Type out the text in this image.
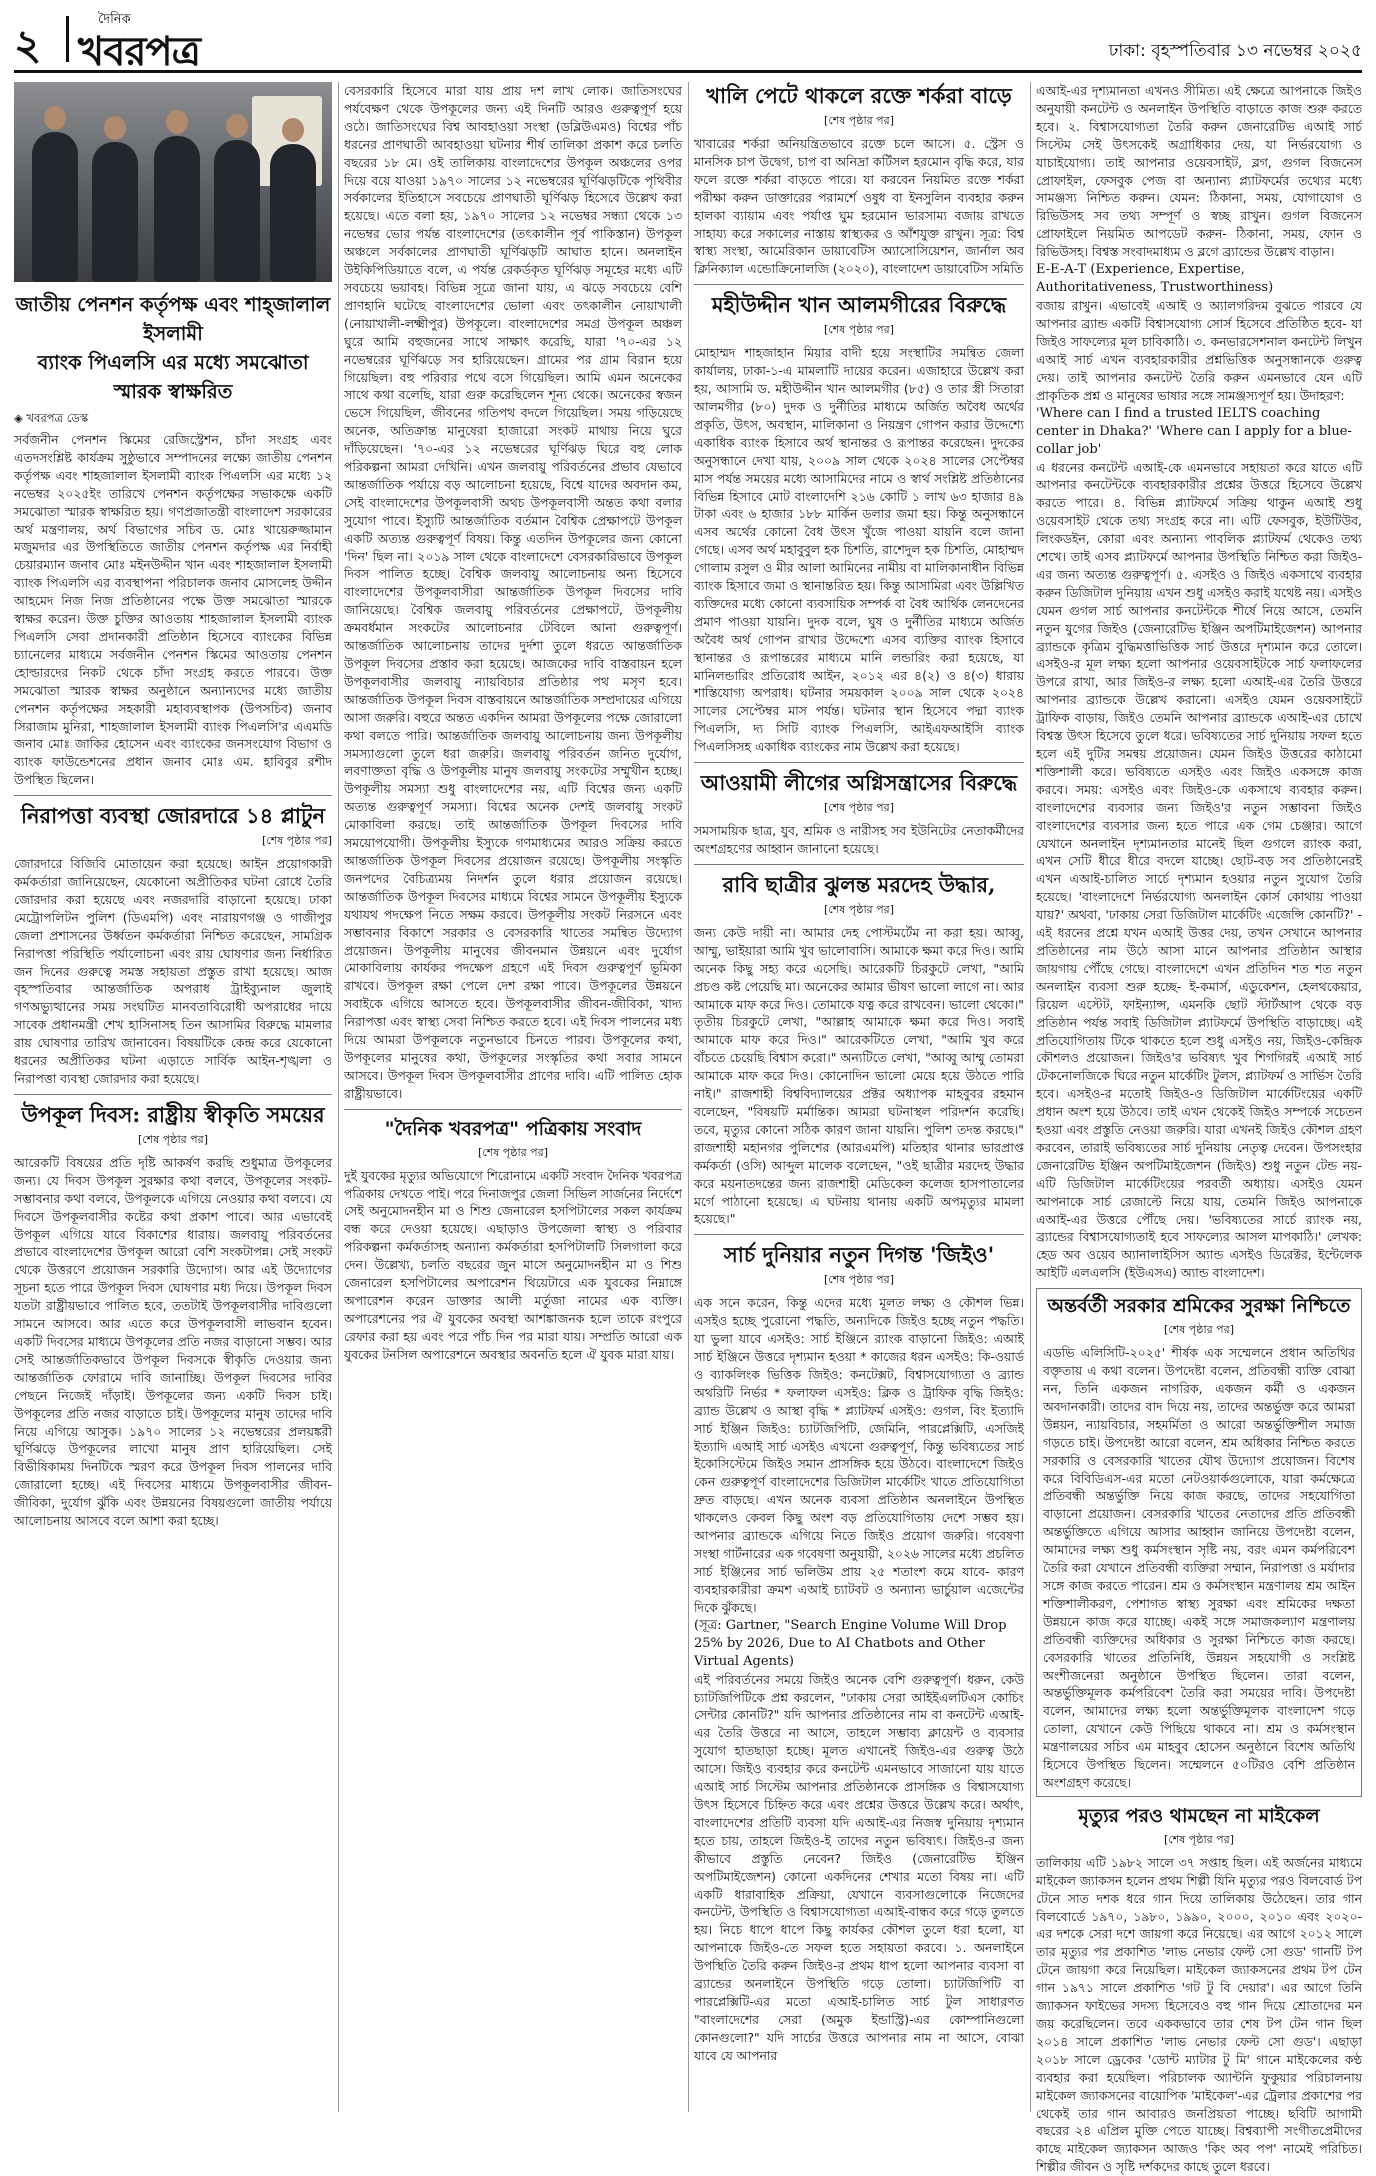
২
দৈনিক
খবরপত্র	ঢাকা: বৃহস্পতিবার ১৩ নভেম্বর ২০২৫
জাতীয় পেনশন কর্তৃপক্ষ এবং শাহ্জালাল ইসলামী
ব্যাংক পিএলসি এর মধ্যে সমঝোতা স্মারক স্বাক্ষরিত
◈ খবরপত্র ডেস্ক
সর্বজনীন পেনশন স্কিমের রেজিস্ট্রেশন, চাঁদা সংগ্রহ এবং এতদসংশ্লিষ্ট কার্যক্রম সুষ্ঠুভাবে সম্পাদনের লক্ষ্যে জাতীয় পেনশন কর্তৃপক্ষ এবং শাহজালাল ইসলামী ব্যাংক পিএলসি এর মধ্যে ১২ নভেম্বর ২০২৫ইং তারিখে পেনশন কর্তৃপক্ষের সভাকক্ষে একটি সমঝোতা স্মারক স্বাক্ষরিত হয়। গণপ্রজাতন্ত্রী বাংলাদেশ সরকারের অর্থ মন্ত্রণালয়, অর্থ বিভাগের সচিব ড. মোঃ খায়েরুজ্জামান মজুমদার এর উপস্থিতিতে জাতীয় পেনশন কর্তৃপক্ষ এর নির্বাহী চেয়ারম্যান জনাব মোঃ মইনউদ্দীন খান এবং শাহজালাল ইসলামী ব্যাংক পিএলসি এর ব্যবস্থাপনা পরিচালক জনাব মোসলেহ উদ্দীন আহমেদ নিজ নিজ প্রতিষ্ঠানের পক্ষে উক্ত সমঝোতা স্মারকে স্বাক্ষর করেন। উক্ত চুক্তির আওতায় শাহজালাল ইসলামী ব্যাংক পিএলসি সেবা প্রদানকারী প্রতিষ্ঠান হিসেবে ব্যাংকের বিভিন্ন চ্যানেলের মাধ্যমে সর্বজনীন পেনশন স্কিমের আওতায় পেনশন হোল্ডারদের নিকট থেকে চাঁদা সংগ্রহ করতে পারবে। উক্ত সমঝোতা স্মারক স্বাক্ষর অনুষ্ঠানে অন্যান্যদের মধ্যে জাতীয় পেনশন কর্তৃপক্ষের সহকারী মহাব্যবস্থাপক (উপসচিব) জনাব সিরাজাম মুনিরা, শাহজালাল ইসলামী ব্যাংক পিএলসি'র এএমডি জনাব মোঃ জাকির হোসেন এবং ব্যাংকের জনসংযোগ বিভাগ ও ব্যাংক ফাউন্ডেশনের প্রধান জনাব মোঃ এম. হাবিবুর রশীদ উপস্থিত ছিলেন।
নিরাপত্তা ব্যবস্থা জোরদারে ১৪ প্লাটুন
[শেষ পৃষ্ঠার পর]
জোরদারে বিজিবি মোতায়েন করা হয়েছে। আইন প্রয়োগকারী কর্মকর্তারা জানিয়েছেন, যেকোনো অপ্রীতিকর ঘটনা রোধে তৈরি জোরদার করা হয়েছে এবং নজরদারি বাড়ানো হয়েছে। ঢাকা মেট্রোপলিটন পুলিশ (ডিএমপি) এবং নারায়ণগঞ্জ ও গাজীপুর জেলা প্রশাসনের উর্ধ্বতন কর্মকর্তারা নিশ্চিত করেছেন, সামগ্রিক নিরাপত্তা পরিস্থিতি পর্যালোচনা এবং রায় ঘোষণার জন্য নির্ধারিত জন দিনের গুরুত্বে সমস্ত সহায়তা প্রস্তুত রাখা হয়েছে। আজ বৃহস্পতিবার আন্তর্জাতিক অপরাধ ট্রাইব্যুনাল জুলাই গণঅভ্যুত্থানের সময় সংঘটিত মানবতাবিরোধী অপরাধের দায়ে সাবেক প্রধানমন্ত্রী শেখ হাসিনাসহ তিন আসামির বিরুদ্ধে মামলার রায় ঘোষণার তারিখ জানাবেন। বিষয়টিকে কেন্দ্র করে যেকোনো ধরনের অপ্রীতিকর ঘটনা এড়াতে সার্বিক আইন-শৃঙ্খলা ও নিরাপত্তা ব্যবস্থা জোরদার করা হয়েছে।
উপকূল দিবস: রাষ্ট্রীয় স্বীকৃতি সময়ের
[শেষ পৃষ্ঠার পর]
আরেকটি বিষয়ের প্রতি দৃষ্টি আকর্ষণ করছি শুধুমাত্র উপকূলের জন্য। যে দিবস উপকূল সুরক্ষার কথা বলবে, উপকূলের সংকট-সম্ভাবনার কথা বলবে, উপকূলকে এগিয়ে নেওয়ার কথা বলবে। যে দিবসে উপকূলবাসীর কষ্টের কথা প্রকাশ পাবে। আর এভাবেই উপকূল এগিয়ে যাবে বিকাশের ধারায়। জলবায়ু পরিবর্তনের প্রভাবে বাংলাদেশের উপকূল আরো বেশি সংকটাপন্ন। সেই সংকট থেকে উত্তরণে প্রয়োজন সরকারি উদ্যোগ। আর এই উদ্যোগের সূচনা হতে পারে উপকূল দিবস ঘোষণার মধ্য দিয়ে। উপকূল দিবস যতটা রাষ্ট্রীয়ভাবে পালিত হবে, ততটাই উপকূলবাসীর দাবিগুলো সামনে আসবে। আর এতে করে উপকূলবাসী লাভবান হবেন। একটি দিবসের মাধ্যমে উপকূলের প্রতি নজর বাড়ানো সম্ভব। আর সেই আন্তর্জাতিকভাবে উপকূল দিবসকে স্বীকৃতি দেওয়ার জন্য আন্তর্জাতিক ফোরামে দাবি জানাচ্ছি। উপকূল দিবসের দাবির পেছনে নিজেই দাঁড়াই। উপকূলের জন্য একটি দিবস চাই। উপকূলের প্রতি নজর বাড়াতে চাই। উপকূলের মানুষ তাদের দাবি নিয়ে এগিয়ে আসুক। ১৯৭০ সালের ১২ নভেম্বরের প্রলয়ঙ্করী ঘূর্ণিঝড়ে উপকূলের লাখো মানুষ প্রাণ হারিয়েছিল। সেই বিভীষিকাময় দিনটিকে স্মরণ করে উপকূল দিবস পালনের দাবি জোরালো হচ্ছে। এই দিবসের মাধ্যমে উপকূলবাসীর জীবন-জীবিকা, দুর্যোগ ঝুঁকি এবং উন্নয়নের বিষয়গুলো জাতীয় পর্যায়ে আলোচনায় আসবে বলে আশা করা হচ্ছে।
বেসরকারি হিসেবে মারা যায় প্রায় দশ লাখ লোক। জাতিসংঘের পর্যবেক্ষণ থেকে উপকূলের জন্য এই দিনটি আরও গুরুত্বপূর্ণ হয়ে ওঠে। জাতিসংঘের বিশ্ব আবহাওয়া সংস্থা (ডব্লিউএমও) বিশ্বের পাঁচ ধরনের প্রাণঘাতী আবহাওয়া ঘটনার শীর্ষ তালিকা প্রকাশ করে চলতি বছরের ১৮ মে। ওই তালিকায় বাংলাদেশের উপকূল অঞ্চলের ওপর দিয়ে বয়ে যাওয়া ১৯৭০ সালের ১২ নভেম্বরের ঘূর্ণিঝড়টিকে পৃথিবীর সর্বকালের ইতিহাসে সবচেয়ে প্রাণঘাতী ঘূর্ণিঝড় হিসেবে উল্লেখ করা হয়েছে। এতে বলা হয়, ১৯৭০ সালের ১২ নভেম্বর সন্ধ্যা থেকে ১৩ নভেম্বর ভোর পর্যন্ত বাংলাদেশের (তৎকালীন পূর্ব পাকিস্তান) উপকূল অঞ্চলে সর্বকালের প্রাণঘাতী ঘূর্ণিঝড়টি আঘাত হানে। অনলাইন উইকিপিডিয়াতে বলে, এ পর্যন্ত রেকর্ডকৃত ঘূর্ণিঝড় সমূহের মধ্যে এটি সবচেয়ে ভয়াবহ। বিভিন্ন সূত্রে জানা যায়, এ ঝড়ে সবচেয়ে বেশি প্রাণহানি ঘটেছে বাংলাদেশের ভোলা এবং তৎকালীন নোয়াখালী (নোয়াখালী-লক্ষ্মীপুর) উপকূলে। বাংলাদেশের সমগ্র উপকূল অঞ্চল ঘুরে আমি বহুজনের সাথে সাক্ষাৎ করেছি, যারা '৭০-এর ১২ নভেম্বরের ঘূর্ণিঝড়ে সব হারিয়েছেন। গ্রামের পর গ্রাম বিরান হয়ে গিয়েছিল। বহু পরিবার পথে বসে গিয়েছিল। আমি এমন অনেকের সাথে কথা বলেছি, যারা গুরু করেছিলেন শূন্য থেকে। অনেকের স্বজন ভেসে গিয়েছিল, জীবনের গতিপথ বদলে গিয়েছিল। সময় গড়িয়েছে অনেক, অতিক্রান্ত মানুষেরা হাজারো সংকট মাথায় নিয়ে ঘুরে দাঁড়িয়েছেন। '৭০-এর ১২ নভেম্বরের ঘূর্ণিঝড় ঘিরে বহু লোক পরিকল্পনা আমরা দেখিনি। এখন জলবায়ু পরিবর্তনের প্রভাব যেভাবে আন্তর্জাতিক পর্যায়ে বড় আলোচনা হয়েছে, বিশ্বে যাদের অবদান কম, সেই বাংলাদেশের উপকূলবাসী অথচ উপকূলবাসী অন্তত কথা বলার সুযোগ পাবে। ইস্যুটি আন্তর্জাতিক বর্তমান বৈশ্বিক প্রেক্ষাপটে উপকূল একটি অত্যন্ত গুরুত্বপূর্ণ বিষয়। কিন্তু এতদিন উপকূলের জন্য কোনো 'দিন' ছিল না। ২০১৯ সাল থেকে বাংলাদেশে বেসরকারিভাবে উপকূল দিবস পালিত হচ্ছে। বৈশ্বিক জলবায়ু আলোচনায় অন্য হিসেবে বাংলাদেশের উপকূলবাসীরা আন্তর্জাতিক উপকূল দিবসের দাবি জানিয়েছে। বৈশ্বিক জলবায়ু পরিবর্তনের প্রেক্ষাপটে, উপকূলীয় ক্রমবর্ধমান সংকটের আলোচনার টেবিলে আনা গুরুত্বপূর্ণ। আন্তর্জাতিক আলোচনায় তাদের দুর্দশা তুলে ধরতে আন্তর্জাতিক উপকূল দিবসের প্রস্তাব করা হয়েছে। আজকের দাবি বাস্তবায়ন হলে উপকূলবাসীর জলবায়ু ন্যায়বিচার প্রতিষ্ঠার পথ মসৃণ হবে। আন্তর্জাতিক উপকূল দিবস বাস্তবায়নে আন্তর্জাতিক সম্প্রদায়ের এগিয়ে আসা জরুরি। বহুরে অন্তত একদিন আমরা উপকূলের পক্ষে জোরালো কথা বলতে পারি। আন্তর্জাতিক জলবায়ু আলোচনায় জন্য উপকূলীয় সমস্যাগুলো তুলে ধরা জরুরি। জলবায়ু পরিবর্তন জনিত দুর্যোগ, লবণাক্ততা বৃদ্ধি ও উপকূলীয় মানুষ জলবায়ু সংকটের সম্মুখীন হচ্ছে। উপকূলীয় সমস্যা শুধু বাংলাদেশের নয়, এটি বিশ্বের জন্য একটি অত্যন্ত গুরুত্বপূর্ণ সমস্যা। বিশ্বের অনেক দেশই জলবায়ু সংকট মোকাবিলা করছে। তাই আন্তর্জাতিক উপকূল দিবসের দাবি সময়োপযোগী। উপকূলীয় ইস্যুকে গণমাধ্যমের আরও সক্রিয় করতে আন্তর্জাতিক উপকূল দিবসের প্রয়োজন রয়েছে। উপকূলীয় সংস্কৃতি জনপদের বৈচিত্র্যময় নিদর্শন তুলে ধরার প্রয়োজন রয়েছে। আন্তর্জাতিক উপকূল দিবসের মাধ্যমে বিশ্বের সামনে উপকূলীয় ইস্যুকে যথাযথ পদক্ষেপ নিতে সক্ষম করবে। উপকূলীয় সংকট নিরসনে এবং সম্ভাবনার বিকাশে সরকার ও বেসরকারি খাতের সমন্বিত উদ্যোগ প্রয়োজন। উপকূলীয় মানুষের জীবনমান উন্নয়নে এবং দুর্যোগ মোকাবিলায় কার্যকর পদক্ষেপ গ্রহণে এই দিবস গুরুত্বপূর্ণ ভূমিকা রাখবে। উপকূল রক্ষা পেলে দেশ রক্ষা পাবে। উপকূলের উন্নয়নে সবাইকে এগিয়ে আসতে হবে। উপকূলবাসীর জীবন-জীবিকা, খাদ্য নিরাপত্তা এবং স্বাস্থ্য সেবা নিশ্চিত করতে হবে। এই দিবস পালনের মধ্য দিয়ে আমরা উপকূলকে নতুনভাবে চিনতে পারব। উপকূলের কথা, উপকূলের মানুষের কথা, উপকূলের সংস্কৃতির কথা সবার সামনে আসবে। উপকূল দিবস উপকূলবাসীর প্রাণের দাবি। এটি পালিত হোক রাষ্ট্রীয়ভাবে।
"দৈনিক খবরপত্র" পত্রিকায় সংবাদ
[শেষ পৃষ্ঠার পর]
দুই যুবকের মৃত্যুর অভিযোগে শিরোনামে একটি সংবাদ দৈনিক খবরপত্র পত্রিকায় দেখতে পাই। পরে দিনাজপুর জেলা সিভিল সার্জনের নির্দেশে সেই অনুমোদনহীন মা ও শিশু জেনারেল হসপিটালের সকল কার্যক্রম বন্ধ করে দেওয়া হয়েছে। এছাড়াও উপজেলা স্বাস্থ্য ও পরিবার পরিকল্পনা কর্মকর্তাসহ অন্যান্য কর্মকর্তারা হসপিটালটি সিলগালা করে দেন। উল্লেখ্য, চলতি বছরের জুন মাসে অনুমোদনহীন মা ও শিশু জেনারেল হসপিটালের অপারেশন থিয়েটারে এক যুবকের নিম্নাঙ্গে অপারেশন করেন ডাক্তার আলী মর্তুজা নামের এক ব্যক্তি। অপারেশনের পর ঐ যুবকের অবস্থা আশঙ্কাজনক হলে তাকে রংপুরে রেফার করা হয় এবং পরে পাঁচ দিন পর মারা যায়। সম্প্রতি আরো এক যুবকের টনসিল অপারেশনে অবস্থার অবনতি হলে ঐ যুবক মারা যায়।
খালি পেটে থাকলে রক্তে শর্করা বাড়ে
[শেষ পৃষ্ঠার পর]
খাবারের শর্করা অনিয়ন্ত্রিতভাবে রক্তে চলে আসে। ৫. স্ট্রেস ও মানসিক চাপ উদ্বেগ, চাপ বা অনিদ্রা কর্টিসল হরমোন বৃদ্ধি করে, যার ফলে রক্তে শর্করা বাড়তে পারে। যা করবেন নিয়মিত রক্তে শর্করা পরীক্ষা করুন ডাক্তারের পরামর্শে ওষুধ বা ইনসুলিন ব্যবহার করুন হালকা ব্যায়াম এবং পর্যাপ্ত ঘুম হরমোন ভারসাম্য বজায় রাখতে সাহায্য করে সকালের নাস্তায় স্বাস্থ্যকর ও আঁশযুক্ত রাখুন। সূত্র: বিশ্ব স্বাস্থ্য সংস্থা, আমেরিকান ডায়াবেটিস অ্যাসোসিয়েশন, জার্নাল অব ক্লিনিক্যাল এন্ডোক্রিনোলজি (২০২০), বাংলাদেশ ডায়াবেটিস সমিতি
মহীউদ্দীন খান আলমগীরের বিরুদ্ধে
[শেষ পৃষ্ঠার পর]
মোহাম্মদ শাহজাহান মিয়ার বাদী হয়ে সংস্থাটির সমন্বিত জেলা কার্যালয়, ঢাকা-১-এ মামলাটি দায়ের করেন। এজাহারে উল্লেখ করা হয়, আসামি ড. মহীউদ্দীন খান আলমগীর (৮৫) ও তার স্ত্রী সিতারা আলমগীর (৮০) দুদক ও দুর্নীতির মাধ্যমে অর্জিত অবৈধ অর্থের প্রকৃতি, উৎস, অবস্থান, মালিকানা ও নিয়ন্ত্রণ গোপন করার উদ্দেশ্যে একাধিক ব্যাংক হিসাবে অর্থ স্থানান্তর ও রূপান্তর করেছেন। দুদকের অনুসন্ধানে দেখা যায়, ২০০৯ সাল থেকে ২০২৪ সালের সেপ্টেম্বর মাস পর্যন্ত সময়ের মধ্যে আসামিদের নামে ও স্বার্থ সংশ্লিষ্ট প্রতিষ্ঠানের বিভিন্ন হিসাবে মোট বাংলাদেশি ২১৬ কোটি ১ লাখ ৬৩ হাজার ৪৯ টাকা এবং ৬ হাজার ১৮৮ মার্কিন ডলার জমা হয়। কিন্তু অনুসন্ধানে এসব অর্থের কোনো বৈধ উৎস খুঁজে পাওয়া যায়নি বলে জানা গেছে। এসব অর্থ মহাবুবুল হক চিশতি, রাশেদুল হক চিশতি, মোহাম্মদ গোলাম রসুল ও মীর আলা আমিনের নামীয় বা মালিকানাধীন বিভিন্ন ব্যাংক হিসাবে জমা ও স্থানান্তরিত হয়। কিন্তু আসামিরা এবং উল্লিখিত ব্যক্তিদের মধ্যে কোনো ব্যবসায়িক সম্পর্ক বা বৈধ আর্থিক লেনদেনের প্রমাণ পাওয়া যায়নি। দুদক বলে, ঘুষ ও দুর্নীতির মাধ্যমে অর্জিত অবৈধ অর্থ গোপন রাখার উদ্দেশ্যে এসব ব্যক্তির ব্যাংক হিসাবে স্থানান্তর ও রূপান্তরের মাধ্যমে মানি লন্ডারিং করা হয়েছে, যা মানিলন্ডারিং প্রতিরোধ আইন, ২০১২ এর ৪(২) ও ৪(৩) ধারায় শাস্তিযোগ্য অপরাধ। ঘটনার সময়কাল ২০০৯ সাল থেকে ২০২৪ সালের সেপ্টেম্বর মাস পর্যন্ত। ঘটনার স্থান হিসেবে পদ্মা ব্যাংক পিএলসি, দ্য সিটি ব্যাংক পিএলসি, আইএফআইসি ব্যাংক পিএলসিসহ একাধিক ব্যাংকের নাম উল্লেখ করা হয়েছে।
আওয়ামী লীগের অগ্নিসন্ত্রাসের বিরুদ্ধে
[শেষ পৃষ্ঠার পর]
সমসাময়িক ছাত্র, যুব, শ্রমিক ও নারীসহ সব ইউনিটের নেতাকর্মীদের অংশগ্রহণের আহ্বান জানানো হয়েছে।
রাবি ছাত্রীর ঝুলন্ত মরদেহ উদ্ধার,
[শেষ পৃষ্ঠার পর]
জন্য কেউ দায়ী না। আমার দেহ পোস্টমর্টেম না করা হয়। আব্বু, আম্মু, ভাইয়ারা আমি খুব ভালোবাসি। আমাকে ক্ষমা করে দিও। আমি অনেক কিছু সহ্য করে এসেছি। আরেকটি চিরকুটে লেখা, "আমি প্রচণ্ড কষ্ট পেয়েছি মা। অনেকের আমার ভীষণ ভালো লাগে না। আর আমাকে মাফ করে দিও। তোমাকে যত্ন করে রাখবেন। ভালো থেকো।" তৃতীয় চিরকুটে লেখা, "আল্লাহ আমাকে ক্ষমা করে দিও। সবাই আমাকে মাফ করে দিও।" আরেকটিতে লেখা, "আমি খুব করে বাঁচতে চেয়েছি বিশ্বাস করো।" অন্যটিতে লেখা, "আব্বু আম্মু তোমরা আমাকে মাফ করে দিও। কোনোদিন ভালো মেয়ে হয়ে উঠতে পারি নাই।" রাজশাহী বিশ্ববিদ্যালয়ের প্রক্টর অধ্যাপক মাহবুবর রহমান বলেছেন, "বিষয়টি মর্মান্তিক। আমরা ঘটনাস্থল পরিদর্শন করেছি। তবে, মৃত্যুর কোনো সঠিক কারণ জানা যায়নি। পুলিশ তদন্ত করছে।" রাজশাহী মহানগর পুলিশের (আরএমপি) মতিহার থানার ভারপ্রাপ্ত কর্মকর্তা (ওসি) আব্দুল মালেক বলেছেন, "ওই ছাত্রীর মরদেহ উদ্ধার করে ময়নাতদন্তের জন্য রাজশাহী মেডিকেল কলেজ হাসপাতালের মর্গে পাঠানো হয়েছে। এ ঘটনায় থানায় একটি অপমৃত্যুর মামলা হয়েছে।"
সার্চ দুনিয়ার নতুন দিগন্ত 'জিইও'
[শেষ পৃষ্ঠার পর]
এক সনে করেন, কিন্তু এদের মধ্যে মূলত লক্ষ্য ও কৌশল ভিন্ন। এসইও হচ্ছে পুরোনো পদ্ধতি, অন্যদিকে জিইও হচ্ছে নতুন পদ্ধতি। যা ভুলা যাবে এসইও: সার্চ ইঞ্জিনে র‍্যাংক বাড়ানো জিইও: এআই সার্চ ইঞ্জিনে উত্তরে দৃশ্যমান হওয়া * কাজের ধরন এসইও: কি-ওয়ার্ড ও ব্যাকলিংক ভিত্তিক জিইও: কনটেক্সট, বিশ্বাসযোগ্যতা ও ব্র্যান্ড অথরিটি নির্ভর * ফলাফল এসইও: ক্লিক ও ট্রাফিক বৃদ্ধি জিইও: ব্র্যান্ড উল্লেখ ও আস্থা বৃদ্ধি * প্ল্যাটফর্ম এসইও: গুগল, বিং ইত্যাদি সার্চ ইঞ্জিন জিইও: চ্যাটজিপিটি, জেমিনি, পারপ্লেক্সিটি, এসজিই ইত্যাদি এআই সার্চ এসইও এখনো গুরুত্বপূর্ণ, কিন্তু ভবিষ্যতের সার্চ ইকোসিস্টেমে জিইও সমান প্রাসঙ্গিক হয়ে উঠবে। বাংলাদেশে জিইও কেন গুরুত্বপূর্ণ বাংলাদেশের ডিজিটাল মার্কেটিং খাতে প্রতিযোগিতা দ্রুত বাড়ছে। এখন অনেক ব্যবসা প্রতিষ্ঠান অনলাইনে উপস্থিত থাকলেও কেবল কিছু অংশ বড় প্রতিযোগিতায় দেশে সম্ভব হয়। আপনার ব্র্যান্ডকে এগিয়ে নিতে জিইও প্রয়োগ জরুরি। গবেষণা সংস্থা গার্টনারের এক গবেষণা অনুযায়ী, ২০২৬ সালের মধ্যে প্রচলিত সার্চ ইঞ্জিনের সার্চ ভলিউম প্রায় ২৫ শতাংশ কমে যাবে- কারণ ব্যবহারকারীরা ক্রমশ এআই চ্যাটবট ও অন্যান্য ভার্চুয়াল এজেন্টের দিকে ঝুঁকছে।
(সূত্র: Gartner, "Search Engine Volume Will Drop 25% by 2026, Due to AI Chatbots and Other Virtual Agents)
এই পরিবর্তনের সময়ে জিইও অনেক বেশি গুরুত্বপূর্ণ। ধরুন, কেউ চ্যাটজিপিটিকে প্রশ্ন করলেন, "ঢাকায় সেরা আইইএলটিএস কোচিং সেন্টার কোনটি?" যদি আপনার প্রতিষ্ঠানের নাম বা কনটেন্ট এআই-এর তৈরি উত্তরে না আসে, তাহলে সম্ভাব্য ক্লায়েন্ট ও ব্যবসার সুযোগ হাতছাড়া হচ্ছে। মূলত এখানেই জিইও-এর গুরুত্ব উঠে আসে। জিইও ব্যবহার করে কনটেন্ট এমনভাবে সাজানো যায় যাতে এআই সার্চ সিস্টেম আপনার প্রতিষ্ঠানকে প্রাসঙ্গিক ও বিশ্বাসযোগ্য উৎস হিসেবে চিহ্নিত করে এবং প্রশ্নের উত্তরে উল্লেখ করে। অর্থাৎ, বাংলাদেশের প্রতিটি ব্যবসা যদি এআই-এর নিজস্ব দুনিয়ায় দৃশ্যমান হতে চায়, তাহলে জিইও-ই তাদের নতুন ভবিষ্যৎ। জিইও-র জন্য কীভাবে প্রস্তুতি নেবেন? জিইও (জেনারেটিভ ইঞ্জিন অপটিমাইজেশন) কোনো একদিনের শেখার মতো বিষয় না। এটি একটি ধারাবাহিক প্রক্রিয়া, যেখানে ব্যবসাগুলোকে নিজেদের কনটেন্ট, উপস্থিতি ও বিশ্বাসযোগ্যতা এআই-বান্ধব করে গড়ে তুলতে হয়। নিচে ধাপে ধাপে কিছু কার্যকর কৌশল তুলে ধরা হলো, যা আপনাকে জিইও-তে সফল হতে সহায়তা করবে। ১. অনলাইনে উপস্থিতি তৈরি করুন জিইও-র প্রথম ধাপ হলো আপনার ব্যবসা বা ব্র্যান্ডের অনলাইনে উপস্থিতি গড়ে তোলা। চ্যাটজিপিটি বা পারপ্লেক্সিটি-এর মতো এআই-চালিত সার্চ টুল সাধারণত "বাংলাদেশের সেরা (অমুক ইন্ডাস্ট্রি)-এর কোম্পানিগুলো কোনগুলো?" যদি সার্চের উত্তরে আপনার নাম না আসে, বোঝা যাবে যে আপনার
এআই-এর দৃশ্যমানতা এখনও সীমিত। এই ক্ষেত্রে আপনাকে জিইও অনুযায়ী কনটেন্ট ও অনলাইন উপস্থিতি বাড়াতে কাজ শুরু করতে হবে। ২. বিশ্বাসযোগ্যতা তৈরি করুন জেনারেটিভ এআই সার্চ সিস্টেম সেই উৎসকেই অগ্রাধিকার দেয়, যা নির্ভরযোগ্য ও যাচাইযোগ্য। তাই আপনার ওয়েবসাইট, ব্লগ, গুগল বিজনেস প্রোফাইল, ফেসবুক পেজ বা অন্যান্য প্ল্যাটফর্মের তথ্যের মধ্যে সামঞ্জস্য নিশ্চিত করুন। যেমন: ঠিকানা, সময়, যোগাযোগ ও রিভিউসহ সব তথ্য সম্পূর্ণ ও স্বচ্ছ রাখুন। গুগল বিজনেস প্রোফাইলে নিয়মিত আপডেট করুন- ঠিকানা, সময়, ফোন ও রিভিউসহ। বিশ্বস্ত সংবাদমাধ্যম ও ব্লগে ব্র্যান্ডের উল্লেখ বাড়ান।
E-E-A-T (Experience, Expertise, Authoritativeness, Trustworthiness)
বজায় রাখুন। এভাবেই এআই ও অ্যালগরিদম বুঝতে পারবে যে আপনার ব্র্যান্ড একটি বিশ্বাসযোগ্য সোর্স হিসেবে প্রতিষ্ঠিত হবে- যা জিইও সাফল্যের মূল চাবিকাঠি। ৩. কনভারসেশনাল কনটেন্ট লিখুন এআই সার্চ এখন ব্যবহারকারীর প্রশ্নভিত্তিক অনুসন্ধানকে গুরুত্ব দেয়। তাই আপনার কনটেন্ট তৈরি করুন এমনভাবে যেন এটি প্রাকৃতিক প্রশ্ন ও মানুষের ভাষার সঙ্গে সামঞ্জস্যপূর্ণ হয়। উদাহরণ:
'Where can I find a trusted IELTS coaching center in Dhaka?' 'Where can I apply for a blue-collar job'
এ ধরনের কনটেন্ট এআই-কে এমনভাবে সহায়তা করে যাতে এটি আপনার কনটেন্টকে ব্যবহারকারীর প্রশ্নের উত্তরে হিসেবে উল্লেখ করতে পারে। ৪. বিভিন্ন প্ল্যাটফর্মে সক্রিয় থাকুন এআই শুধু ওয়েবসাইট থেকে তথ্য সংগ্রহ করে না। এটি ফেসবুক, ইউটিউব, লিংকডইন, কোরা এবং অন্যান্য পাবলিক প্ল্যাটফর্ম থেকেও তথ্য শেখে। তাই এসব প্ল্যাটফর্মে আপনার উপস্থিতি নিশ্চিত করা জিইও-এর জন্য অত্যন্ত গুরুত্বপূর্ণ। ৫. এসইও ও জিইও একসাথে ব্যবহার করুন ডিজিটাল দুনিয়ায় এখন শুধু এসইও করাই যথেষ্ট নয়। এসইও যেমন গুগল সার্চ আপনার কনটেন্টকে শীর্ষে নিয়ে আসে, তেমনি নতুন যুগের জিইও (জেনারেটিভ ইঞ্জিন অপটিমাইজেশন) আপনার ব্র্যান্ডকে কৃত্রিম বুদ্ধিমত্তাভিত্তিক সার্চ উত্তরে দৃশ্যমান করে তোলে। এসইও-র মূল লক্ষ্য হলো আপনার ওয়েবসাইটকে সার্চ ফলাফলের উপরে রাখা, আর জিইও-র লক্ষ্য হলো এআই-এর তৈরি উত্তরে আপনার ব্র্যান্ডকে উল্লেখ করানো। এসইও যেমন ওয়েবসাইটে ট্রাফিক বাড়ায়, জিইও তেমনি আপনার ব্র্যান্ডকে এআই-এর চোখে বিশ্বস্ত উৎস হিসেবে তুলে ধরে। ভবিষ্যতের সার্চ দুনিয়ায় সফল হতে হলে এই দুটির সমন্বয় প্রয়োজন। যেমন জিইও উত্তরের কাঠামো শক্তিশালী করে। ভবিষ্যতে এসইও এবং জিইও একসঙ্গে কাজ করবে। সময়: এসইও এবং জিইও-কে একসাথে ব্যবহার করুন। বাংলাদেশের ব্যবসার জন্য জিইও'র নতুন সম্ভাবনা জিইও বাংলাদেশের ব্যবসার জন্য হতে পারে এক গেম চেঞ্জার। আগে যেখানে অনলাইন দৃশ্যমানতার মানেই ছিল গুগলে র‍্যাংক করা, এখন সেটি ধীরে ধীরে বদলে যাচ্ছে। ছোট-বড় সব প্রতিষ্ঠানেরই এখন এআই-চালিত সার্চে দৃশ্যমান হওয়ার নতুন সুযোগ তৈরি হয়েছে। 'বাংলাদেশে নির্ভরযোগ্য অনলাইন কোর্স কোথায় পাওয়া যায়?' অথবা, 'ঢাকায় সেরা ডিজিটাল মার্কেটিং এজেন্সি কোনটি?' - এই ধরনের প্রশ্নে যখন এআই উত্তর দেয়, তখন সেখানে আপনার প্রতিষ্ঠানের নাম উঠে আসা মানে আপনার প্রতিষ্ঠান আস্থার জায়গায় পৌঁছে গেছে। বাংলাদেশে এখন প্রতিদিন শত শত নতুন অনলাইন ব্যবসা শুরু হচ্ছে- ই-কমার্স, এডুকেশন, হেলথকেয়ার, রিয়েল এস্টেট, ফাইন্যান্স, এমনকি ছোট স্টার্টআপ থেকে বড় প্রতিষ্ঠান পর্যন্ত সবাই ডিজিটাল প্ল্যাটফর্মে উপস্থিতি বাড়াচ্ছে। এই প্রতিযোগিতায় টিকে থাকতে হলে শুধু এসইও নয়, জিইও-কেন্দ্রিক কৌশলও প্রয়োজন। জিইও'র ভবিষ্যৎ খুব শিগগিরই এআই সার্চ টেকনোলজিকে ঘিরে নতুন মার্কেটিং টুলস, প্ল্যাটফর্ম ও সার্ভিস তৈরি হবে। এসইও-র মতোই জিইও-ও ডিজিটাল মার্কেটিংয়ের একটি প্রধান অংশ হয়ে উঠবে। তাই এখন থেকেই জিইও সম্পর্কে সচেতন হওয়া এবং প্রস্তুতি নেওয়া জরুরি। যারা এখনই জিইও কৌশল গ্রহণ করবেন, তারাই ভবিষ্যতের সার্চ দুনিয়ায় নেতৃত্ব দেবেন। উপসংহার জেনারেটিভ ইঞ্জিন অপটিমাইজেশন (জিইও) শুধু নতুন টেন্ড নয়- এটি ডিজিটাল মার্কেটিংয়ের পরবর্তী অধ্যায়। এসইও যেমন আপনাকে সার্চ রেজাল্টে নিয়ে যায়, তেমনি জিইও আপনাকে এআই-এর উত্তরে পৌঁছে দেয়। 'ভবিষ্যতের সার্চে র‍্যাংক নয়, ব্র্যান্ডের বিশ্বাসযোগ্যতাই হবে সাফল্যের আসল মাপকাঠি।' লেখক: হেড অব ওয়েব অ্যানালাইসিস অ্যান্ড এসইও ডিরেক্টর, ইন্টেলেক আইটি এলএলসি (ইউএসএ) অ্যান্ড বাংলাদেশ।
অন্তর্বর্তী সরকার শ্রমিকের সুরক্ষা নিশ্চিতে
[শেষ পৃষ্ঠার পর]
এডভি এলিসিটি-২০২৫' শীর্ষক এক সম্মেলনে প্রধান অতিথির বক্তৃতায় এ কথা বলেন। উপদেষ্টা বলেন, প্রতিবন্ধী ব্যক্তি বোঝা নন, তিনি একজন নাগরিক, একজন কর্মী ও একজন অবদানকারী। তাদের বাদ দিয়ে নয়, তাদের অন্তর্ভুক্ত করে আমরা উন্নয়ন, ন্যায়বিচার, সহমর্মিতা ও আরো অন্তর্ভুক্তিশীল সমাজ গড়তে চাই। উপদেষ্টা আরো বলেন, শ্রম অধিকার নিশ্চিত করতে সরকারি ও বেসরকারি খাতের যৌথ উদ্যোগ প্রয়োজন। বিশেষ করে বিবিডিএস-এর মতো নেটওয়ার্কগুলোকে, যারা কর্মক্ষেত্রে প্রতিবন্ধী অন্তর্ভুক্তি নিয়ে কাজ করছে, তাদের সহযোগিতা বাড়ানো প্রয়োজন। বেসরকারি খাতের নেতাদের প্রতি প্রতিবন্ধী অন্তর্ভুক্তিতে এগিয়ে আসার আহ্বান জানিয়ে উপদেষ্টা বলেন, আমাদের লক্ষ্য শুধু কর্মসংস্থান সৃষ্টি নয়, বরং এমন কর্মপরিবেশ তৈরি করা যেখানে প্রতিবন্ধী ব্যক্তিরা সম্মান, নিরাপত্তা ও মর্যাদার সঙ্গে কাজ করতে পারেন। শ্রম ও কর্মসংস্থান মন্ত্রণালয় শ্রম আইন শক্তিশালীকরণ, পেশাগত স্বাস্থ্য সুরক্ষা এবং শ্রমিকের দক্ষতা উন্নয়নে কাজ করে যাচ্ছে। একই সঙ্গে সমাজকল্যাণ মন্ত্রণালয় প্রতিবন্ধী ব্যক্তিদের অধিকার ও সুরক্ষা নিশ্চিতে কাজ করছে। বেসরকারি খাতের প্রতিনিধি, উন্নয়ন সহযোগী ও সংশ্লিষ্ট অংশীজনেরা অনুষ্ঠানে উপস্থিত ছিলেন। তারা বলেন, অন্তর্ভুক্তিমূলক কর্মপরিবেশ তৈরি করা সময়ের দাবি। উপদেষ্টা বলেন, আমাদের লক্ষ্য হলো অন্তর্ভুক্তিমূলক বাংলাদেশ গড়ে তোলা, যেখানে কেউ পিছিয়ে থাকবে না। শ্রম ও কর্মসংস্থান মন্ত্রণালয়ের সচিব এম মাহবুব হোসেন অনুষ্ঠানে বিশেষ অতিথি হিসেবে উপস্থিত ছিলেন। সম্মেলনে ৫০টিরও বেশি প্রতিষ্ঠান অংশগ্রহণ করেছে।
মৃত্যুর পরও থামছেন না মাইকেল
[শেষ পৃষ্ঠার পর]
তালিকায় এটি ১৯৮২ সালে ৩৭ সপ্তাহ ছিল। এই অর্জনের মাধ্যমে মাইকেল জ্যাকসন হলেন প্রথম শিল্পী যিনি মৃত্যুর পরও বিলবোর্ড টপ টেনে সাত দশক ধরে গান দিয়ে তালিকায় উঠেছেন। তার গান বিলবোর্ডে ১৯৭০, ১৯৮০, ১৯৯০, ২০০০, ২০১০ এবং ২০২০-এর দশকে সেরা দশে জায়গা করে নিয়েছে। এর আগে ২০১২ সালে তার মৃত্যুর পর প্রকাশিত 'লাভ নেভার ফেল্ট সো গুড' গানটি টপ টেনে জায়গা করে নিয়েছিল। মাইকেল জ্যাকসনের প্রথম টপ টেন গান ১৯৭১ সালে প্রকাশিত 'গট টু বি দেয়ার'। এর আগে তিনি জ্যাকসন ফাইভের সদস্য হিসেবেও বহু গান দিয়ে শ্রোতাদের মন জয় করেছিলেন। তবে এককভাবে তার শেষ টপ টেন গান ছিল ২০১৪ সালে প্রকাশিত 'লাভ নেভার ফেল্ট সো গুড'। এছাড়া ২০১৮ সালে ড্রেকের 'ডোন্ট ম্যাটার টু মি' গানে মাইকেলের কণ্ঠ ব্যবহার করা হয়েছিল। পরিচালক অ্যান্টনি ফুকুয়ার পরিচালনায় মাইকেল জ্যাকসনের বায়োপিক 'মাইকেল'-এর ট্রেলার প্রকাশের পর থেকেই তার গান আবারও জনপ্রিয়তা পাচ্ছে। ছবিটি আগামী বছরের ২৪ এপ্রিল মুক্তি পেতে যাচ্ছে। বিশ্বব্যাপী সংগীতপ্রেমীদের কাছে মাইকেল জ্যাকসন আজও 'কিং অব পপ' নামেই পরিচিত। শিল্পীর জীবন ও সৃষ্টি দর্শকদের কাছে তুলে ধরবে।
